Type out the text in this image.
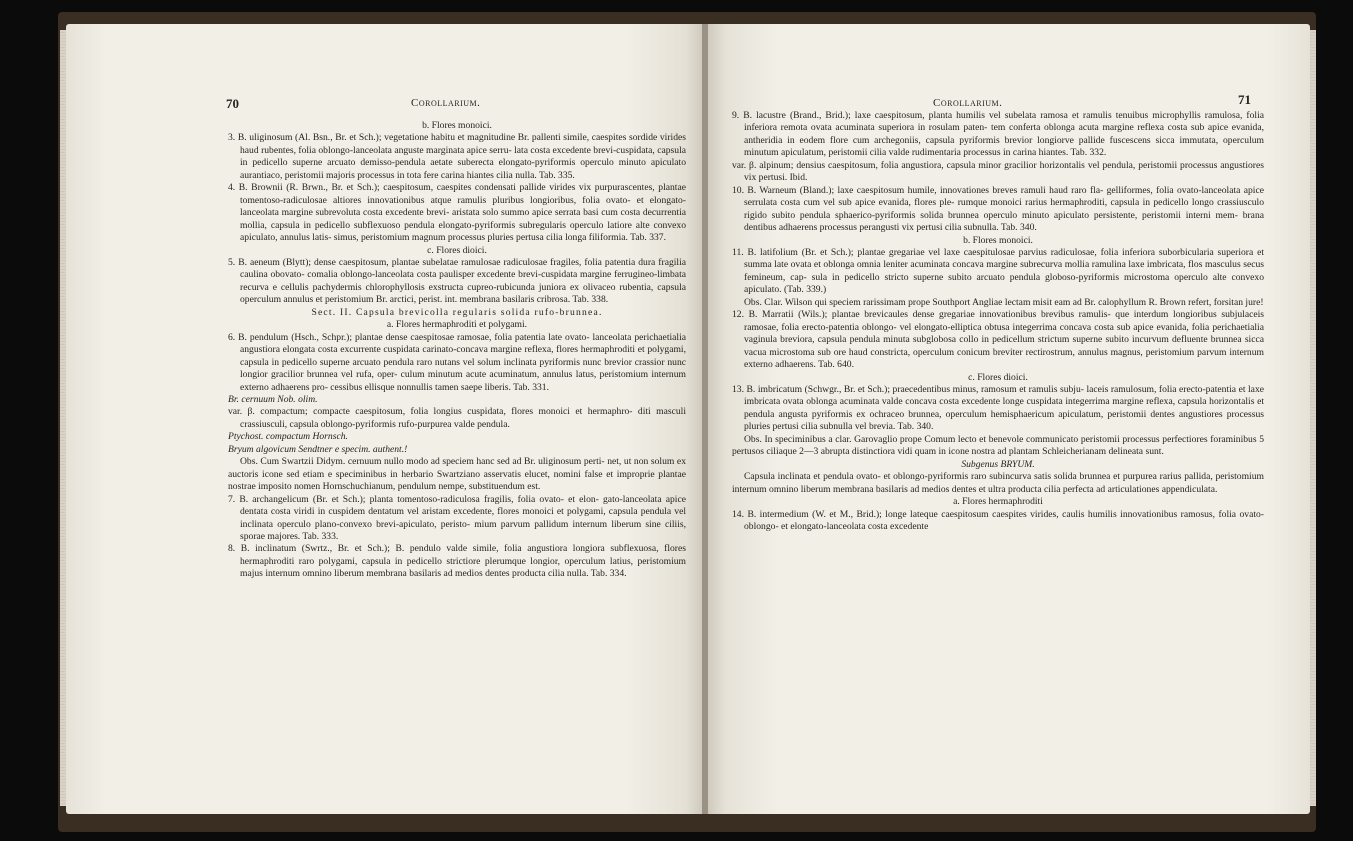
70	Corollarium.

b. Flores monoici.

3. B. uliginosum (Al. Bsn., Br. et Sch.); vegetatione habitu et magnitudine Br. pallenti simile, caespites sordide virides haud rubentes, folia oblongo-lanceolata anguste marginata apice serru- lata costa excedente brevi-cuspidata, capsula in pedicello superne arcuato demisso-pendula aetate suberecta elongato-pyriformis operculo minuto apiculato aurantiaco, peristomii majoris processus in tota fere carina hiantes cilia nulla. Tab. 335.

4. B. Brownii (R. Brwn., Br. et Sch.); caespitosum, caespites condensati pallide virides vix purpurascentes, plantae tomentoso-radiculosae altiores innovationibus atque ramulis pluribus longioribus, folia ovato- et elongato-lanceolata margine subrevoluta costa excedente brevi- aristata solo summo apice serrata basi cum costa decurrentia mollia, capsula in pedicello subflexuoso pendula elongato-pyriformis subregularis operculo latiore alte convexo apiculato, annulus latis- simus, peristomium magnum processus pluries pertusa cilia longa filiformia. Tab. 337.

c. Flores dioici.

5. B. aeneum (Blytt); dense caespitosum, plantae subelatae ramulosae radiculosae fragiles, folia patentia dura fragilia caulina obovato- comalia oblongo-lanceolata costa paulisper excedente brevi-cuspidata margine ferrugineo-limbata recurva e cellulis pachydermis chlorophyllosis exstructa cupreo-rubicunda juniora ex olivaceo rubentia, capsula operculum annulus et peristomium Br. arctici, perist. int. membrana basilaris cribrosa. Tab. 338.

Sect. II. Capsula brevicolla regularis solida rufo-brunnea.

a. Flores hermaphroditi et polygami.

6. B. pendulum (Hsch., Schpr.); plantae dense caespitosae ramosae, folia patentia late ovato- lanceolata perichaetialia angustiora elongata costa excurrente cuspidata carinato-concava margine reflexa, flores hermaphroditi et polygami, capsula in pedicello superne arcuato pendula raro nutans vel solum inclinata pyriformis nunc brevior crassior nunc longior gracilior brunnea vel rufa, oper- culum minutum acute acuminatum, annulus latus, peristomium internum externo adhaerens pro- cessibus ellisque nonnullis tamen saepe liberis. Tab. 331.

Br. cernuum Nob. olim.

var. β. compactum; compacte caespitosum, folia longius cuspidata, flores monoici et hermaphro- diti masculi crassiusculi, capsula oblongo-pyriformis rufo-purpurea valde pendula.

Ptychost. compactum Hornsch.

Bryum algovicum Sendtner e specim. authent.!

Obs. Cum Swartzii Didym. cernuum nullo modo ad speciem hanc sed ad Br. uliginosum perti- net, ut non solum ex auctoris icone sed etiam e speciminibus in herbario Swartziano asservatis elucet, nomini false et improprie plantae nostrae imposito nomen Hornschuchianum, pendulum nempe, substituendum est.

7. B. archangelicum (Br. et Sch.); planta tomentoso-radiculosa fragilis, folia ovato- et elon- gato-lanceolata apice dentata costa viridi in cuspidem dentatum vel aristam excedente, flores monoici et polygami, capsula pendula vel inclinata operculo plano-convexo brevi-apiculato, peristo- mium parvum pallidum internum liberum sine ciliis, sporae majores. Tab. 333.

8. B. inclinatum (Swrtz., Br. et Sch.); B. pendulo valde simile, folia angustiora longiora subflexuosa, flores hermaphroditi raro polygami, capsula in pedicello strictiore plerumque longior, operculum latius, peristomium majus internum omnino liberum membrana basilaris ad medios dentes producta cilia nulla. Tab. 334.

Corollarium.	71

9. B. lacustre (Brand., Brid.); laxe caespitosum, planta humilis vel subelata ramosa et ramulis tenuibus microphyllis ramulosa, folia inferiora remota ovata acuminata superiora in rosulam paten- tem conferta oblonga acuta margine reflexa costa sub apice evanida, antheridia in eodem flore cum archegoniis, capsula pyriformis brevior longiorve pallide fuscescens sicca immutata, operculum minutum apiculatum, peristomii cilia valde rudimentaria processus in carina hiantes. Tab. 332.

var. β. alpinum; densius caespitosum, folia angustiora, capsula minor gracilior horizontalis vel pendula, peristomii processus angustiores vix pertusi. Ibid.

10. B. Warneum (Bland.); laxe caespitosum humile, innovationes breves ramuli haud raro fla- gelliformes, folia ovato-lanceolata apice serrulata costa cum vel sub apice evanida, flores ple- rumque monoici rarius hermaphroditi, capsula in pedicello longo crassiusculo rigido subito pendula sphaerico-pyriformis solida brunnea operculo minuto apiculato persistente, peristomii interni mem- brana dentibus adhaerens processus perangusti vix pertusi cilia subnulla. Tab. 340.

b. Flores monoici.

11. B. latifolium (Br. et Sch.); plantae gregariae vel laxe caespitulosae parvius radiculosae, folia inferiora suborbicularia superiora et summa late ovata et oblonga omnia leniter acuminata concava margine subrecurva mollia ramulina laxe imbricata, flos masculus secus femineum, cap- sula in pedicello stricto superne subito arcuato pendula globoso-pyriformis microstoma operculo alte convexo apiculato. (Tab. 339.)

Obs. Clar. Wilson qui speciem rarissimam prope Southport Angliae lectam misit eam ad Br. calophyllum R. Brown refert, forsitan jure!

12. B. Marratii (Wils.); plantae brevicaules dense gregariae innovationibus brevibus ramulis- que interdum longioribus subjulaceis ramosae, folia erecto-patentia oblongo- vel elongato-elliptica obtusa integerrima concava costa sub apice evanida, folia perichaetialia vaginula breviora, capsula pendula minuta subglobosa collo in pedicellum strictum superne subito incurvum defluente brunnea sicca vacua microstoma sub ore haud constricta, operculum conicum breviter rectirostrum, annulus magnus, peristomium parvum internum externo adhaerens. Tab. 640.

c. Flores dioici.

13. B. imbricatum (Schwgr., Br. et Sch.); praecedentibus minus, ramosum et ramulis subju- laceis ramulosum, folia erecto-patentia et laxe imbricata ovata oblonga acuminata valde concava costa excedente longe cuspidata integerrima margine reflexa, capsula horizontalis et pendula angusta pyriformis ex ochraceo brunnea, operculum hemisphaericum apiculatum, peristomii dentes angustiores processus pluries pertusi cilia subnulla vel brevia. Tab. 340.

Obs. In speciminibus a clar. Garovaglio prope Comum lecto et benevole communicato peristomii processus perfectiores foraminibus 5 pertusos ciliaque 2—3 abrupta distinctiora vidi quam in icone nostra ad plantam Schleicherianam delineata sunt.

Subgenus BRYUM.

Capsula inclinata et pendula ovato- et oblongo-pyriformis raro subincurva satis solida brunnea et purpurea rarius pallida, peristomium internum omnino liberum membrana basilaris ad medios dentes et ultra producta cilia perfecta ad articulationes appendiculata.

a. Flores hermaphroditi

14. B. intermedium (W. et M., Brid.); longe lateque caespitosum caespites virides, caulis humilis innovationibus ramosus, folia ovato- oblongo- et elongato-lanceolata costa excedente
